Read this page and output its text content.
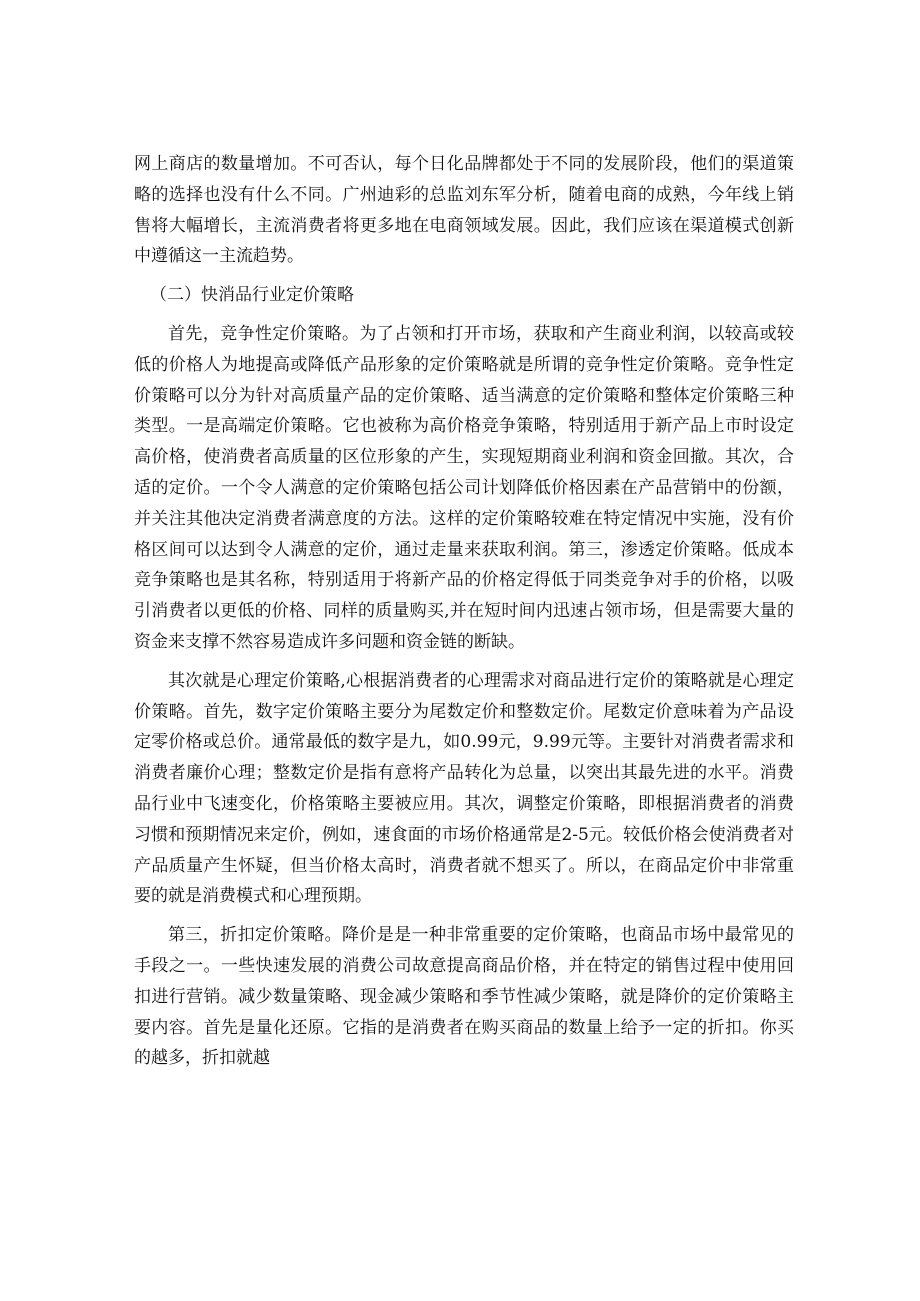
网上商店的数量增加。不可否认，每个日化品牌都处于不同的发展阶段，他们的渠道策略的选择也没有什么不同。广州迪彩的总监刘东军分析，随着电商的成熟，今年线上销售将大幅增长，主流消费者将更多地在电商领域发展。因此，我们应该在渠道模式创新中遵循这一主流趋势。

（二）快消品行业定价策略

首先，竞争性定价策略。为了占领和打开市场，获取和产生商业利润，以较高或较低的价格人为地提高或降低产品形象的定价策略就是所谓的竞争性定价策略。竞争性定价策略可以分为针对高质量产品的定价策略、适当满意的定价策略和整体定价策略三种类型。一是高端定价策略。它也被称为高价格竞争策略，特别适用于新产品上市时设定高价格，使消费者高质量的区位形象的产生，实现短期商业利润和资金回撤。其次，合适的定价。一个令人满意的定价策略包括公司计划降低价格因素在产品营销中的份额，并关注其他决定消费者满意度的方法。这样的定价策略较难在特定情况中实施，没有价格区间可以达到令人满意的定价，通过走量来获取利润。第三，渗透定价策略。低成本竞争策略也是其名称，特别适用于将新产品的价格定得低于同类竞争对手的价格，以吸引消费者以更低的价格、同样的质量购买,并在短时间内迅速占领市场，但是需要大量的资金来支撑不然容易造成许多问题和资金链的断缺。

其次就是心理定价策略,心根据消费者的心理需求对商品进行定价的策略就是心理定价策略。首先，数字定价策略主要分为尾数定价和整数定价。尾数定价意味着为产品设定零价格或总价。通常最低的数字是九，如0.99元，9.99元等。主要针对消费者需求和消费者廉价心理；整数定价是指有意将产品转化为总量，以突出其最先进的水平。消费品行业中飞速变化，价格策略主要被应用。其次，调整定价策略，即根据消费者的消费习惯和预期情况来定价，例如，速食面的市场价格通常是2-5元。较低价格会使消费者对产品质量产生怀疑，但当价格太高时，消费者就不想买了。所以，在商品定价中非常重要的就是消费模式和心理预期。

第三，折扣定价策略。降价是是一种非常重要的定价策略，也商品市场中最常见的手段之一。一些快速发展的消费公司故意提高商品价格，并在特定的销售过程中使用回扣进行营销。减少数量策略、现金减少策略和季节性减少策略，就是降价的定价策略主要内容。首先是量化还原。它指的是消费者在购买商品的数量上给予一定的折扣。你买的越多，折扣就越
